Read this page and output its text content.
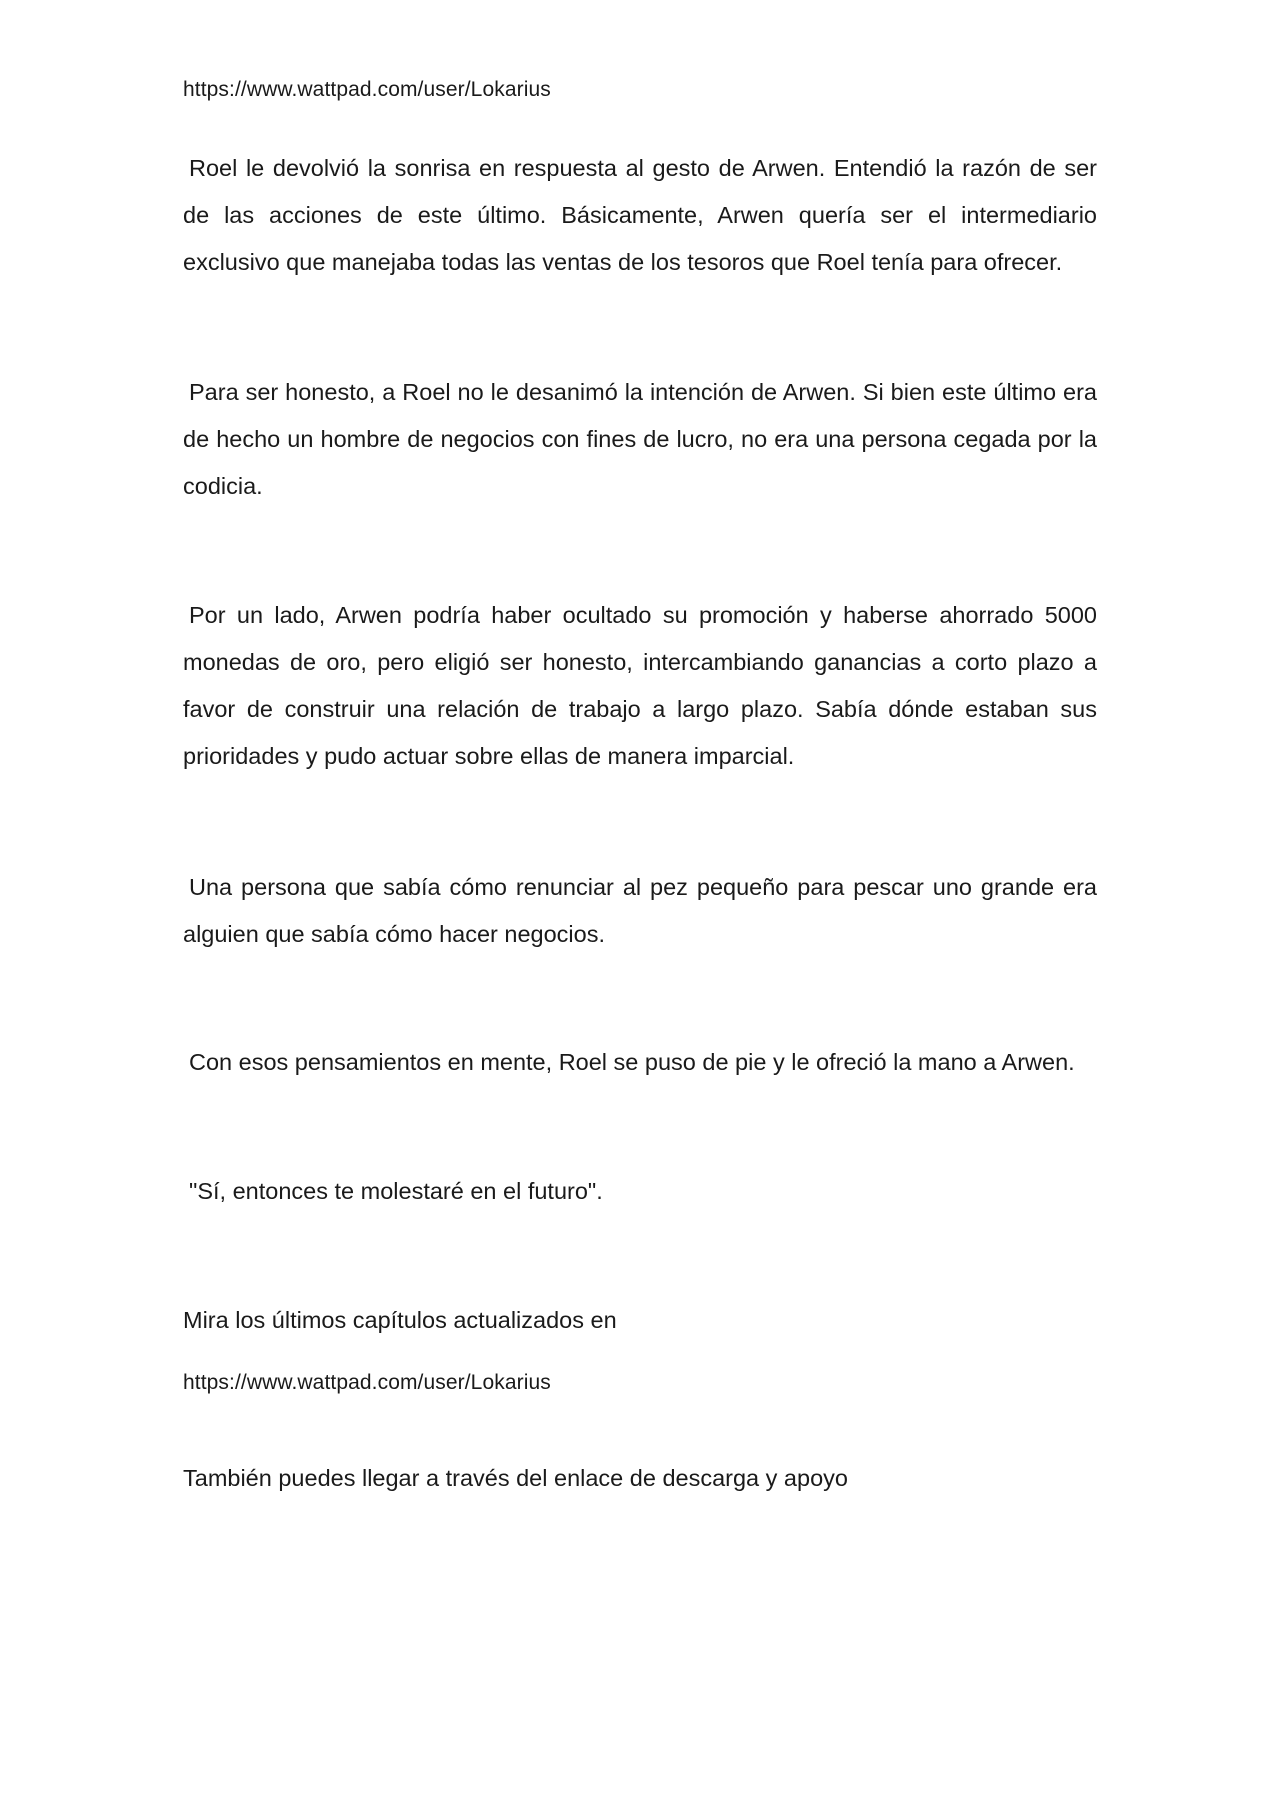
https://www.wattpad.com/user/Lokarius

Roel le devolvió la sonrisa en respuesta al gesto de Arwen. Entendió la razón de ser de las acciones de este último. Básicamente, Arwen quería ser el intermediario exclusivo que manejaba todas las ventas de los tesoros que Roel tenía para ofrecer.

Para ser honesto, a Roel no le desanimó la intención de Arwen. Si bien este último era de hecho un hombre de negocios con fines de lucro, no era una persona cegada por la codicia.

Por un lado, Arwen podría haber ocultado su promoción y haberse ahorrado 5000 monedas de oro, pero eligió ser honesto, intercambiando ganancias a corto plazo a favor de construir una relación de trabajo a largo plazo. Sabía dónde estaban sus prioridades y pudo actuar sobre ellas de manera imparcial.

Una persona que sabía cómo renunciar al pez pequeño para pescar uno grande era alguien que sabía cómo hacer negocios.

Con esos pensamientos en mente, Roel se puso de pie y le ofreció la mano a Arwen.

"Sí, entonces te molestaré en el futuro".

Mira los últimos capítulos actualizados en

https://www.wattpad.com/user/Lokarius

También puedes llegar a través del enlace de descarga y apoyo
